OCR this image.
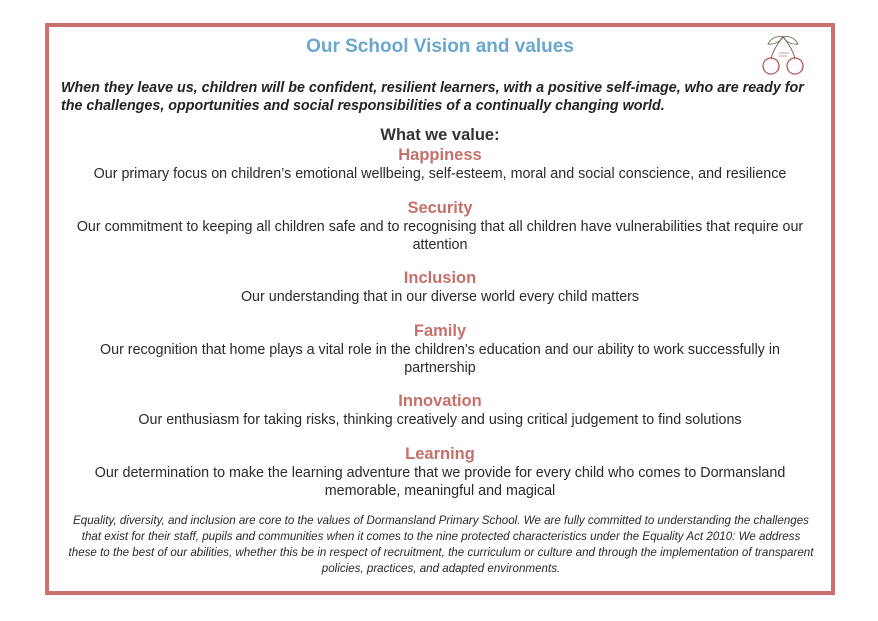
Our School Vision and values

When they leave us, children will be confident, resilient learners, with a positive self-image, who are ready for the challenges, opportunities and social responsibilities of a continually changing world.

What we value:
Happiness

Our primary focus on children’s emotional wellbeing, self-esteem, moral and social conscience, and resilience

Security

Our commitment to keeping all children safe and to recognising that all children have vulnerabilities that require our attention

Inclusion

Our understanding that in our diverse world every child matters

Family

Our recognition that home plays a vital role in the children’s education and our ability to work successfully in partnership

Innovation

Our enthusiasm for taking risks, thinking creatively and using critical judgement to find solutions

Learning

Our determination to make the learning adventure that we provide for every child who comes to Dormansland memorable, meaningful and magical

Equality, diversity, and inclusion are core to the values of Dormansland Primary School. We are fully committed to understanding the challenges that exist for their staff, pupils and communities when it comes to the nine protected characteristics under the Equality Act 2010: We address these to the best of our abilities, whether this be in respect of recruitment, the curriculum or culture and through the implementation of transparent policies, practices, and adapted environments.
